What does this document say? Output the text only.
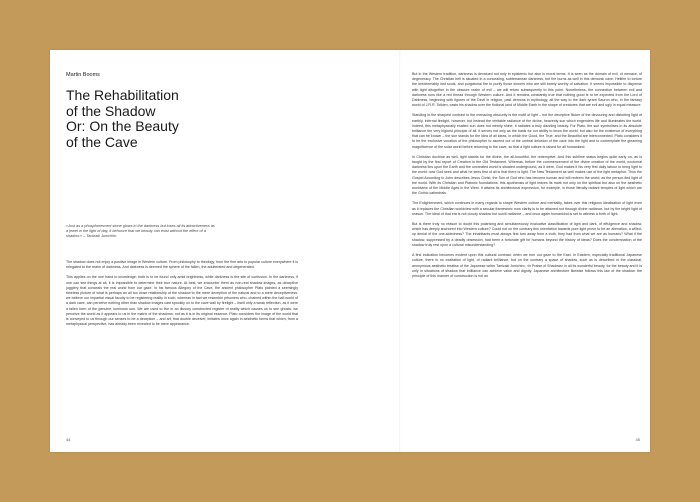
Martin Booms
The Rehabilitation
of the Shadow
Or: On the Beauty
of the Cave
»Just as a phosphorescent stone glows in the darkness but loses all its attractiveness as a jewel in the light of day, it behoove that we beauty can exist without the effect of a shadow.« – Tanizaki Junichiro

The shadow does not enjoy a positive image in Western culture. From philosophy to theology, from the fine arts to popular culture everywhere it is relegated to the realm of darkness. And darkness is deemed the sphere of the fallen, the adulterated and degenerated.

This applies on the one hand to knowledge: truth is to be found only amid brightness, while darkness is the site of confusion. In the darkness, if one can see things at all, it is impossible to determine their true nature. At best, we encounter them as non-real shadow images, as deceptive jugglery that conceals the real world from our gaze. In his famous Allegory of the Cave, the ancient philosopher Plato painted a seemingly timeless picture of what is perhaps an all too close relationship of the shadow to the mere deception of the natural and to a mere deceptiveness: we believe our impartial visual faculty to be registering reality in such, whereas in fact we resemble prisoners who, chained within the half-world of a dark cave, can perceive nothing other than shadow images cast spookily on to the cave wall by firelight – itself only a weak reflection, as it were a fallen form of the genuine, luminous sun. We are used to live in an illusory constructed register of reality which causes us to see ghosts: we perceive the world as it appears to us in the matrix of the shadows, not as it is in its original essence. Plato considers the image of the world that is conveyed to us through our senses to be a deception – and art, that double deceiver, imitates once again in aesthetic forms that which, from a metaphysical perspective, has already been revealed to be mere appearance.

44

But in the Western tradition, darkness is devalued not only in epistemic but also in moral terms. It is seen as the domain of evil, of menace, of degeneracy. The Christian hell is situated in a concealing, subterranean darkness, but fire burns as well in this demonic cave: Hellfire to torture the irredeemably lost souls, and purgatorial fire to purify those sinners who are still barely worthy of salvation. It seems impossible to dispense with light altogether in the obscure realm of evil – we will return subsequently to this point. Nonetheless, the connection between evil and darkness runs like a red thread through Western culture. And it remains constantly true that nothing good is to be expected from the Lord of Darkness, beginning with figures of the Devil in religion, past demons in mythology, all the way to the dark tyrant Sauron who, in the fantasy world of J.R.R. Tolkien, casts his shadow over the fictional land of Middle Earth in the shape of creatures that are evil and ugly in equal measure.

Standing in the sharpest contrast to the menacing obscurity is the motif of light – not the deceptive flicker of the devouring and distorting light of earthly, infernal firelight, however, but instead the veritable radiance of the divine, heavenly sun which engenders life and illuminates the world. Indeed, this metaphysically exalted sun does not merely shine, it radiates a truly dazzling beauty. For Plato, the sun symbolises in its absolute brilliance the very highest principle of all. It serves not only as the basis for our ability to know the world, but also for the existence of everything that can be known – the sun stands for the idea of all ideas, in which the Good, the True, and the Beautiful are interconnected. Plato considers it to be the exclusive vocation of the philosopher to ascend out of the umbral delusion of the cave into the light and to contemplate the gleaming magnificence of the solar world before returning to the cave, so that a light culture is raised for all humankind.

In Christian doctrine as well, light stands for the divine, the all-bountiful, the redemptive. And this sublime status begins quite early on, as is taught by the first report of Creation in the Old Testament. Whereas, before the commencement of the divine creation of the world, nocturnal darkness lies upon the Earth and the uncreated world is situated underground, as it were, God makes it his very first daily labour to bring light to the world: now God sees and what he sees first of all is that there is light. The New Testament as well makes use of the light metaphor. Thus the Gospel According to John describes Jesus Christ, the Son of God who has become human and will redeem the world, as the person-fied light of the world. With its Christian and Platonic foundations, this apotheosis of light leaves its mark not only on the spiritual but also on the aesthetic worldview of the Middle Ages in the West. It attains its architectural expression, for example, in those literally radiant temples of light which are the Gothic cathedrals.

The Enlightenment, which continues in many regards to shape Western culture and mentality, takes over this religious idealisation of light even as it replaces the Christian worldview with a secular framework: now clarity is to be attained not through divine radiance, but by the bright light of reason. The ideal of that era is not cloudy shadow but sunlit radiance – and once again humankind is set to witness a birth of light.

But is there truly no reason to doubt this polarising and simultaneously evaluative classification of light and dark, of effulgence and shadow, which has deeply anchored into Western culture? Could not on the contrary this orientation towards pure light prove to be an alienation, a willed-up denial of the one-sidedness? The inhabitants must always first turn away from a truth, they had from what we are as humans? What if the shadow, suppressed by a deadly obsession, had been a fortunate gift for humans beyond the history of ideas? Does the condemnation of the shadow truly rest upon a cultural misunderstanding?

A first indication becomes evident upon this cultural contrast: when we turn our gaze to the East. In Eastern, especially traditional Japanese culture, there is no exaltation of light, of radiant brilliance, but on the contrary a space of shadow, such as is described in the classical, anonymous aesthetic treatise of the Japanese writer Tanizaki Junichiro: ›In Praise of Shadows‹ in all its wonderful beauty, for the beauty and it is only in situations of shadow that brilliance can achieve value and dignity. Japanese architecture likewise follows this law of the shadow: the principle of this manner of construction is not an

45
